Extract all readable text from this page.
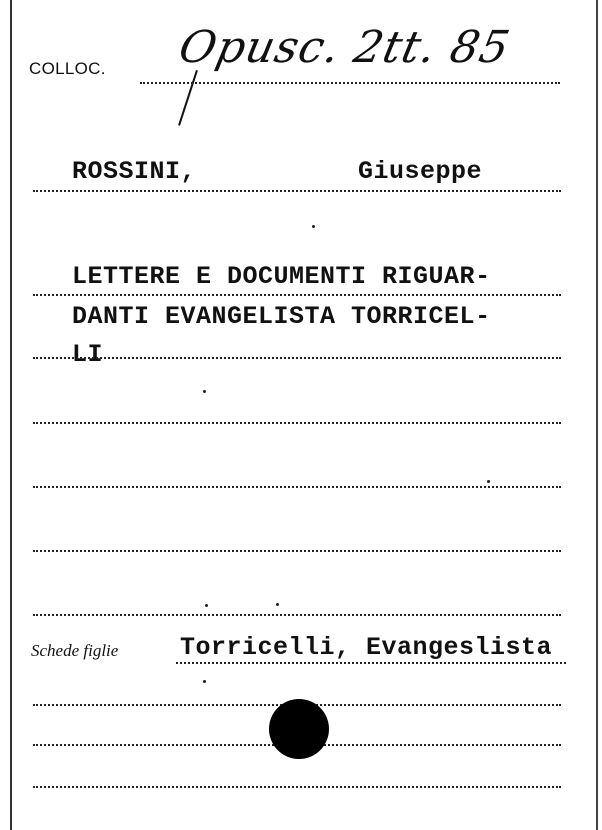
COLLOC. Opusc. 2tt. 85
ROSSINI,	Giuseppe
LETTERE E DOCUMENTI RIGUAR-
DANTI EVANGELISTA TORRICEL-
LI
Schede figlie Torricelli, Evangeslista
